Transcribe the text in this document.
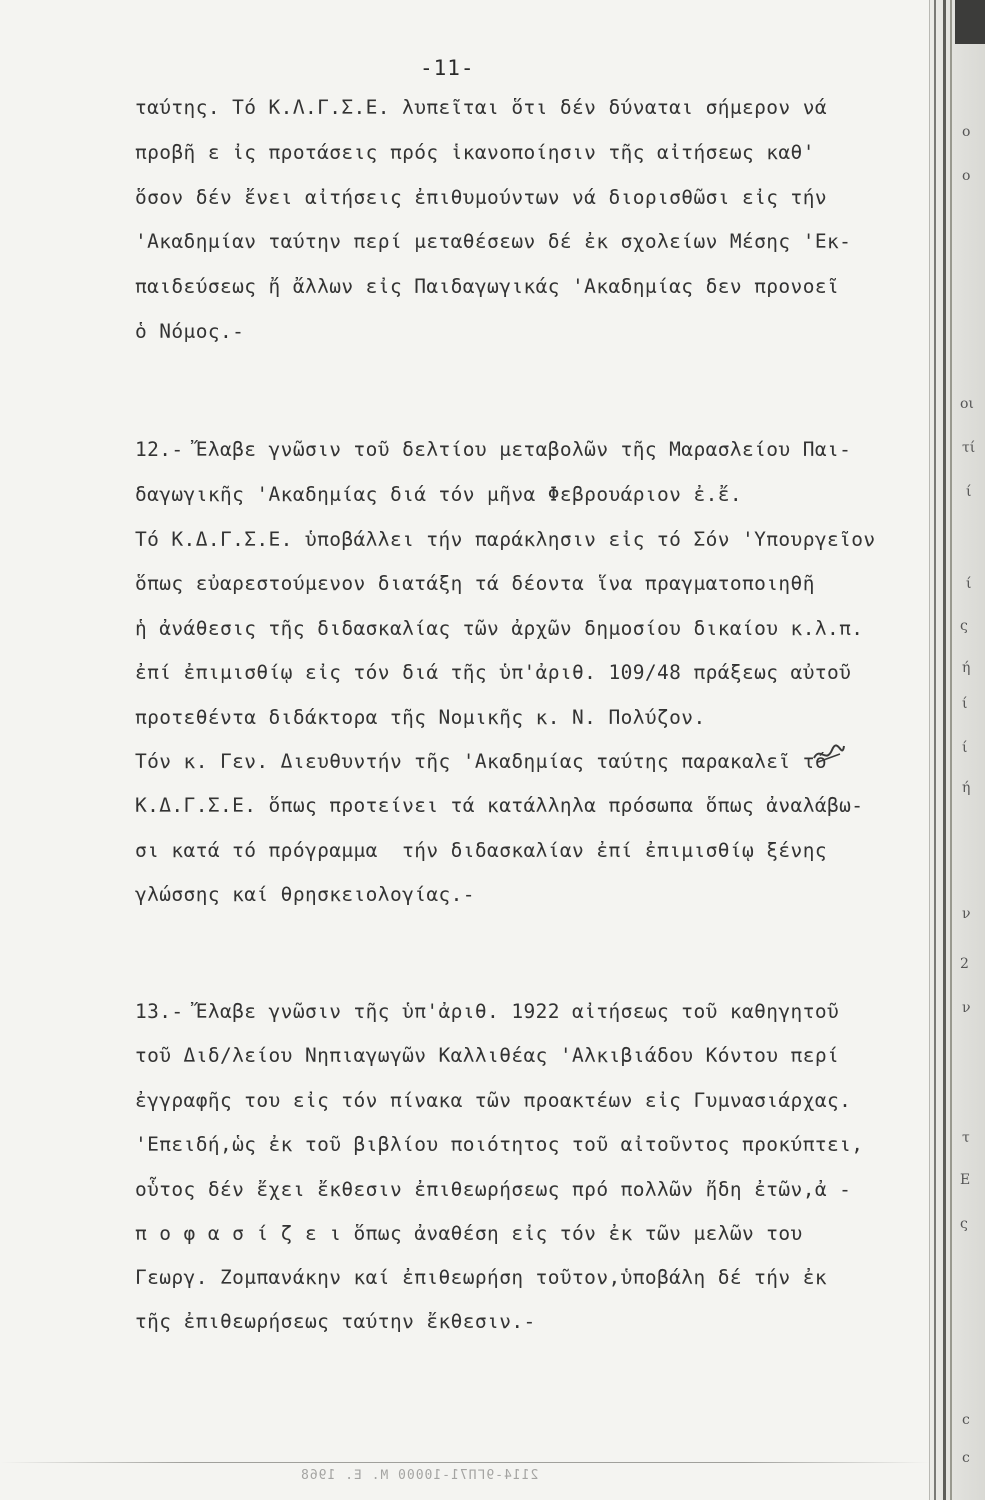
-11-
ταύτης. Τό Κ.Λ.Γ.Σ.Ε. λυπεῖται ὅτι δέν δύναται σήμερον νά
προβῆ ε ἰς προτάσεις πρός ἱκανοποίησιν τῆς αἰτήσεως καθ'
ὅσον δέν ἔνει αἰτήσεις ἐπιθυμούντων νά διορισθῶσι εἰς τήν
'Ακαδημίαν ταύτην περί μεταθέσεων δέ ἐκ σχολείων Μέσης 'Εκ-
παιδεύσεως ἤ ἄλλων εἰς Παιδαγωγικάς 'Ακαδημίας δεν προνοεῖ
ὁ Νόμος.-
12.- Ἔλαβε γνῶσιν τοῦ δελτίου μεταβολῶν τῆς Μαρασλείου Παι-
δαγωγικῆς 'Ακαδημίας διά τόν μῆνα Φεβρουάριον ἐ.ἔ.
Τό Κ.Δ.Γ.Σ.Ε. ὑποβάλλει τήν παράκλησιν εἰς τό Σόν 'Υπουργεῖον
ὅπως εὐαρεστούμενον διατάξη τά δέοντα ἵνα πραγματοποιηθῆ
ἡ ἀνάθεσις τῆς διδασκαλίας τῶν ἀρχῶν δημοσίου δικαίου κ.λ.π.
ἐπί ἐπιμισθίῳ εἰς τόν διά τῆς ὑπ'ἀριθ. 109/48 πράξεως αὐτοῦ
προτεθέντα διδάκτορα τῆς Νομικῆς κ. Ν. Πολύζον.
Τόν κ. Γεν. Διευθυντήν τῆς 'Ακαδημίας ταύτης παρακαλεῖ τό
Κ.Δ.Γ.Σ.Ε. ὅπως προτείνει τά κατάλληλα πρόσωπα ὅπως ἀναλάβω-
σι κατά τό πρόγραμμα  τήν διδασκαλίαν ἐπί ἐπιμισθίῳ ξένης
γλώσσης καί θρησκειολογίας.-
13.- Ἔλαβε γνῶσιν τῆς ὑπ'ἀριθ. 1922 αἰτήσεως τοῦ καθηγητοῦ
τοῦ Διδ/λείου Νηπιαγωγῶν Καλλιθέας 'Αλκιβιάδου Κόντου περί
ἐγγραφῆς του εἰς τόν πίνακα τῶν προακτέων εἰς Γυμνασιάρχας.
'Επειδή,ὡς ἐκ τοῦ βιβλίου ποιότητος τοῦ αἰτοῦντος προκύπτει,
οὗτος δέν ἔχει ἔκθεσιν ἐπιθεωρήσεως πρό πολλῶν ἤδη ἐτῶν,ἀ -
π ο φ α σ ί ζ ε ι ὅπως ἀναθέση εἰς τόν ἐκ τῶν μελῶν του
Γεωργ. Ζομπανάκην καί ἐπιθεωρήση τοῦτον,ὑποβάλη δέ τήν ἐκ
τῆς ἐπιθεωρήσεως ταύτην ἔκθεσιν.-
ο
ο
οι
τί
ί
ί
ς
ή
ί
ί
ή
ν
2
ν
τ
Ε
ς
c
c
2114-9ΓΠ71-10000 Μ. Ε. 1968
